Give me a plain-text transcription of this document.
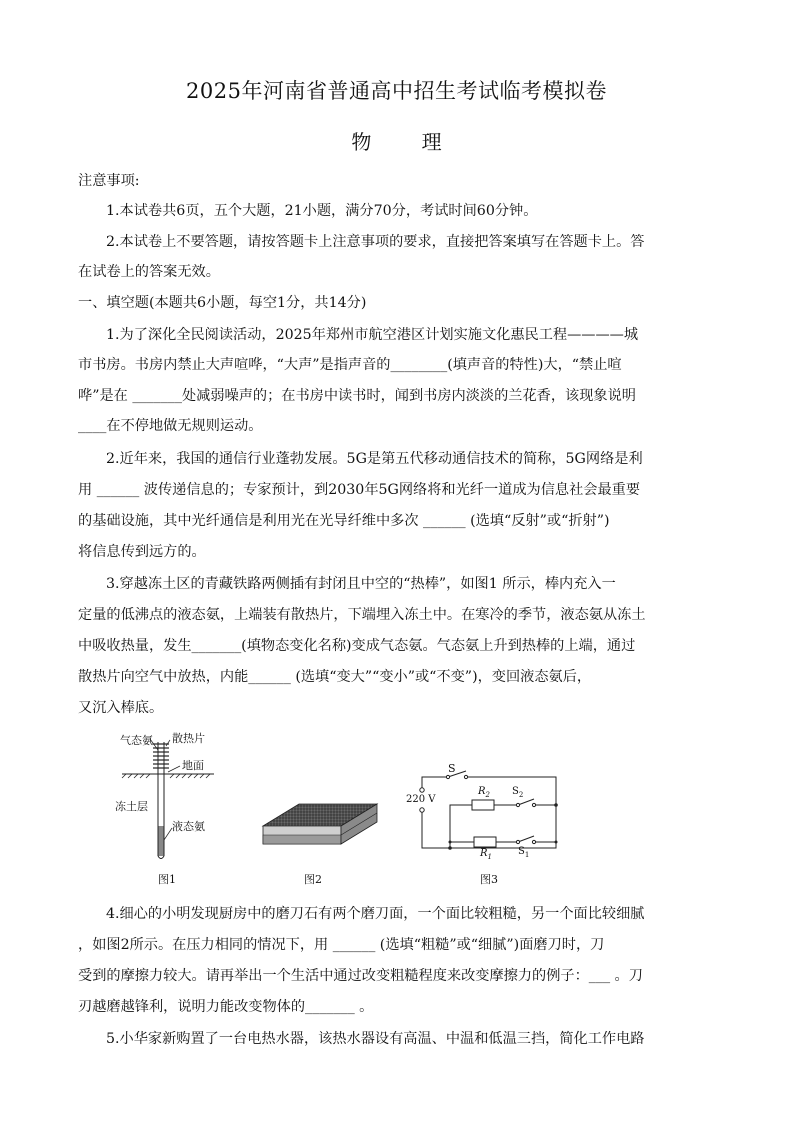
2025年河南省普通高中招生考试临考模拟卷
物 理
注意事项:
1.本试卷共6页，五个大题，21小题，满分70分，考试时间60分钟。
2.本试卷上不要答题，请按答题卡上注意事项的要求，直接把答案填写在答题卡上。答
在试卷上的答案无效。
一、填空题(本题共6小题，每空1分，共14分)
1.为了深化全民阅读活动，2025年郑州市航空港区计划实施文化惠民工程————城
市书房。书房内禁止大声喧哗，“大声”是指声音的________(填声音的特性)大，“禁止喧
哗”是在 _______处减弱噪声的；在书房中读书时，闻到书房内淡淡的兰花香，该现象说明
____在不停地做无规则运动。
2.近年来，我国的通信行业蓬勃发展。5G是第五代移动通信技术的简称，5G网络是利
用 ______ 波传递信息的；专家预计，到2030年5G网络将和光纤一道成为信息社会最重要
的基础设施，其中光纤通信是利用光在光导纤维中多次 ______ (选填“反射”或“折射”)
将信息传到远方的。
3.穿越冻土区的青藏铁路两侧插有封闭且中空的“热棒”，如图1 所示，棒内充入一
定量的低沸点的液态氨，上端装有散热片，下端埋入冻土中。在寒冷的季节，液态氨从冻土
中吸收热量，发生_______(填物态变化名称)变成气态氨。气态氨上升到热棒的上端，通过
散热片向空气中放热，内能______ (选填“变大”“变小”或“不变”)，变回液态氨后，
又沉入棒底。
气态氨 散热片
地面
冻土层
液态氨
图1	图2
S
220 V
$R_2$ $S_2$
$R_1$	$S_1$
图3
4.细心的小明发现厨房中的磨刀石有两个磨刀面，一个面比较粗糙，另一个面比较细腻
，如图2所示。在压力相同的情况下，用 ______ (选填“粗糙”或“细腻”)面磨刀时，刀
受到的摩擦力较大。请再举出一个生活中通过改变粗糙程度来改变摩擦力的例子：___ 。刀
刃越磨越锋利，说明力能改变物体的_______ 。
5.小华家新购置了一台电热水器，该热水器设有高温、中温和低温三挡，简化工作电路
